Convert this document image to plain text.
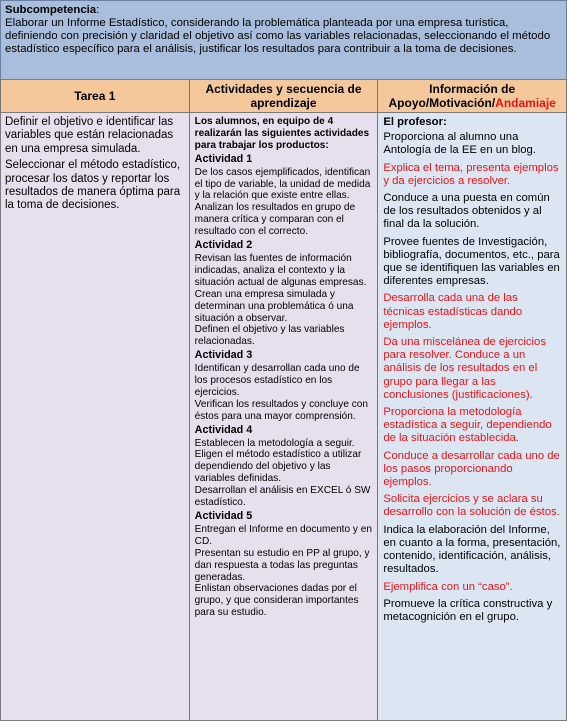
Subcompetencia:
Elaborar un Informe Estadístico, considerando la problemática planteada por una empresa turística, definiendo con precisión y claridad el objetivo así como las variables relacionadas, seleccionando el método estadístico específico para el análisis, justificar los resultados para contribuir a la toma de decisiones.
Tarea 1

Definir el objetivo e identificar las variables que están relacionadas en una empresa simulada.

Seleccionar el método estadístico, procesar los datos y reportar los resultados de manera óptima para la toma de decisiones.

Actividades y secuencia de aprendizaje

Los alumnos, en equipo de 4 realizarán las siguientes actividades para trabajar los productos:

Actividad 1

De los casos ejemplificados, identifican el tipo de variable, la unidad de medida y la relación que existe entre ellas.

Analizan los resultados en grupo de manera crítica y comparan con el resultado con el correcto.

Actividad 2

Revisan las fuentes de información indicadas, analiza el contexto y la situación actual de algunas empresas.

Crean una empresa simulada y determinan una problemática ó una situación a observar.

Definen el objetivo y las variables relacionadas.

Actividad 3

Identifican y desarrollan cada uno de los procesos estadístico en los ejercicios.

Verifican los resultados y concluye con éstos para una mayor comprensión.

Actividad 4

Establecen la metodología a seguir.

Eligen el método estadístico a utilizar dependiendo del objetivo y las variables definidas.

Desarrollan el análisis en EXCEL ó SW estadístico.

Actividad 5

Entregan el Informe en documento y en CD.

Presentan su estudio en PP al grupo, y dan respuesta a todas las preguntas generadas.

Enlistan observaciones dadas por el grupo, y que consideran importantes para su estudio.

Información de Apoyo/Motivación/Andamiaje

El profesor:

Proporciona al alumno una Antología de la EE en un blog.

Explica el tema, presenta ejemplos y da ejercicios a resolver.

Conduce a una puesta en común de los resultados obtenidos y al final da la solución.

Provee fuentes de Investigación, bibliografía, documentos, etc., para que se identifiquen las variables en diferentes empresas.

Desarrolla cada una de las técnicas estadísticas dando ejemplos.

Da una miscelánea de ejercicios para resolver. Conduce a un análisis de los resultados en el grupo para llegar a las conclusiones (justificaciones).

Proporciona la metodología estadística a seguir, dependiendo de la situación establecida.

Conduce a desarrollar cada uno de los pasos proporcionando ejemplos.

Solicita ejercicios y se aclara su desarrollo con la solución de éstos.

Indica la elaboración del Informe, en cuanto a la forma, presentación, contenido, identificación, análisis, resultados.

Ejemplifica con un “caso”.

Promueve la crítica constructiva y metacognición en el grupo.
